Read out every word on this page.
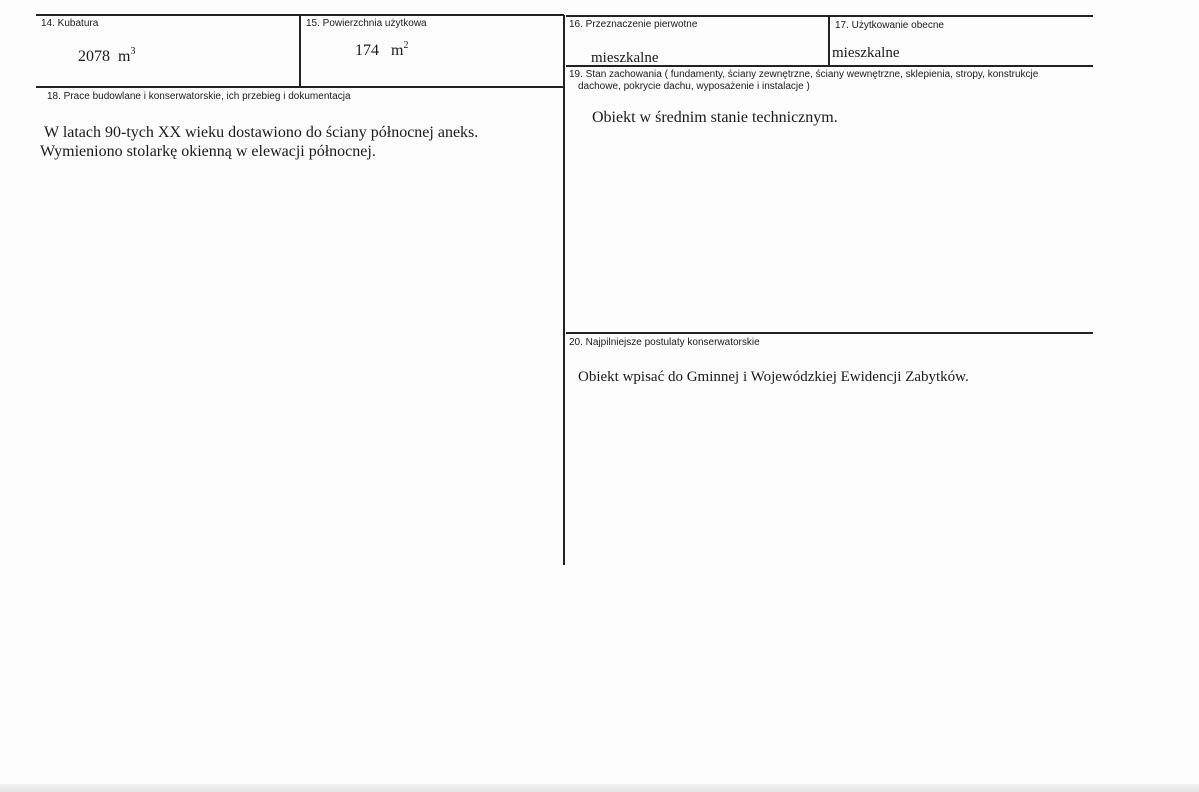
14. Kubatura
2078 $m^3$
15. Powierzchnia użytkowa
174 $m^2$
16. Przeznaczenie pierwotne
mieszkalne
17. Użytkowanie obecne
mieszkalne
18. Prace budowlane i konserwatorskie, ich przebieg i dokumentacja
W latach 90-tych XX wieku dostawiono do ściany północnej aneks.
Wymieniono stolarkę okienną w elewacji północnej.
19. Stan zachowania ( fundamenty, ściany zewnętrzne, ściany wewnętrzne, sklepienia, stropy, konstrukcje
dachowe, pokrycie dachu, wyposażenie i instalacje )
Obiekt w średnim stanie technicznym.
20. Najpilniejsze postulaty konserwatorskie
Obiekt wpisać do Gminnej i Wojewódzkiej Ewidencji Zabytków.
